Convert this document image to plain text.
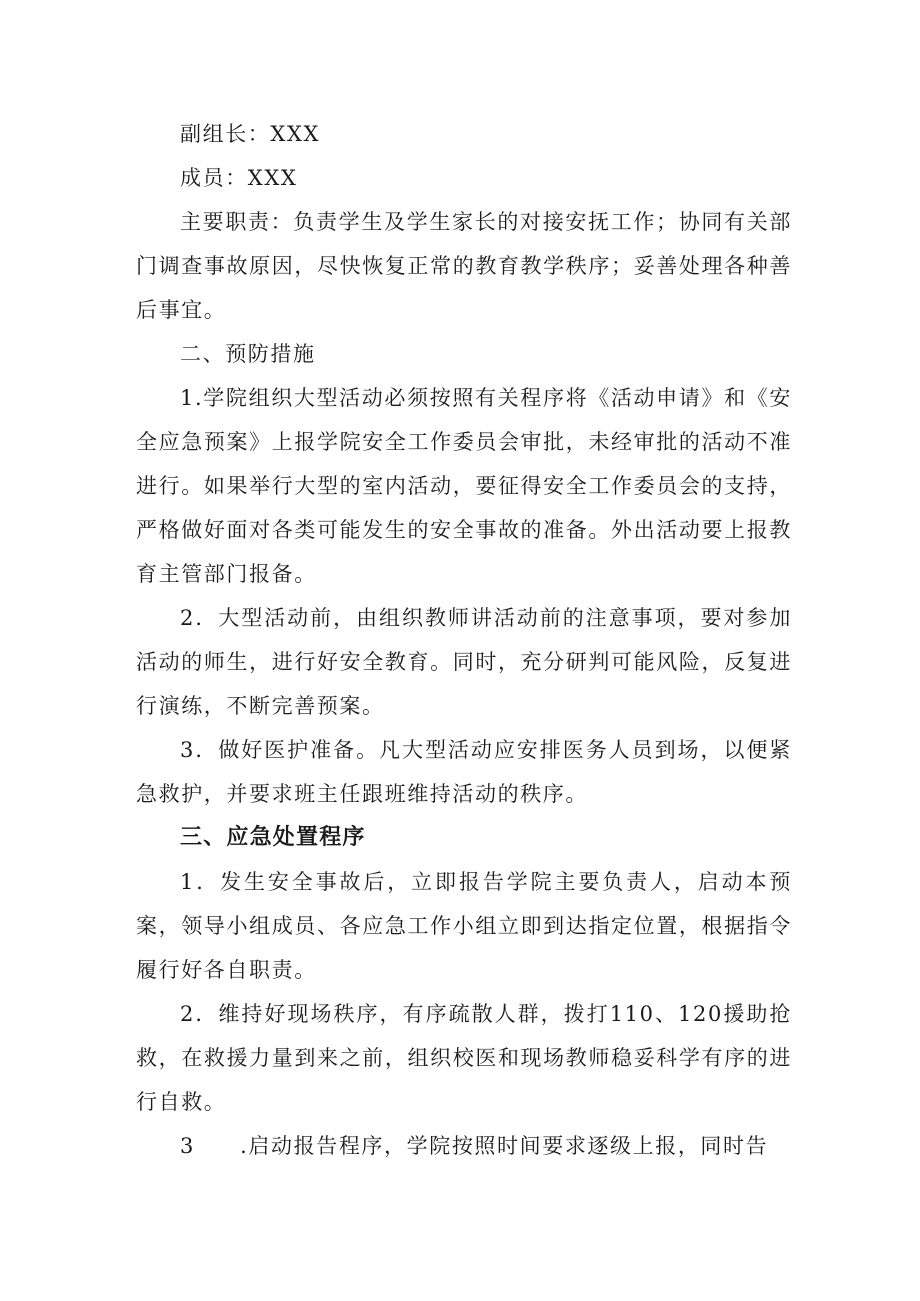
副组长：XXX

成员：XXX

主要职责：负责学生及学生家长的对接安抚工作；协同有关部门调查事故原因，尽快恢复正常的教育教学秩序；妥善处理各种善后事宜。

二、预防措施

1.学院组织大型活动必须按照有关程序将《活动申请》和《安全应急预案》上报学院安全工作委员会审批，未经审批的活动不准进行。如果举行大型的室内活动，要征得安全工作委员会的支持，严格做好面对各类可能发生的安全事故的准备。外出活动要上报教育主管部门报备。

2．大型活动前，由组织教师讲活动前的注意事项，要对参加活动的师生，进行好安全教育。同时，充分研判可能风险，反复进行演练，不断完善预案。

3．做好医护准备。凡大型活动应安排医务人员到场，以便紧急救护，并要求班主任跟班维持活动的秩序。

三、应急处置程序

1．发生安全事故后，立即报告学院主要负责人，启动本预案，领导小组成员、各应急工作小组立即到达指定位置，根据指令履行好各自职责。

2．维持好现场秩序，有序疏散人群，拨打110、120援助抢救，在救援力量到来之前，组织校医和现场教师稳妥科学有序的进行自救。

3　　.启动报告程序，学院按照时间要求逐级上报，同时告
